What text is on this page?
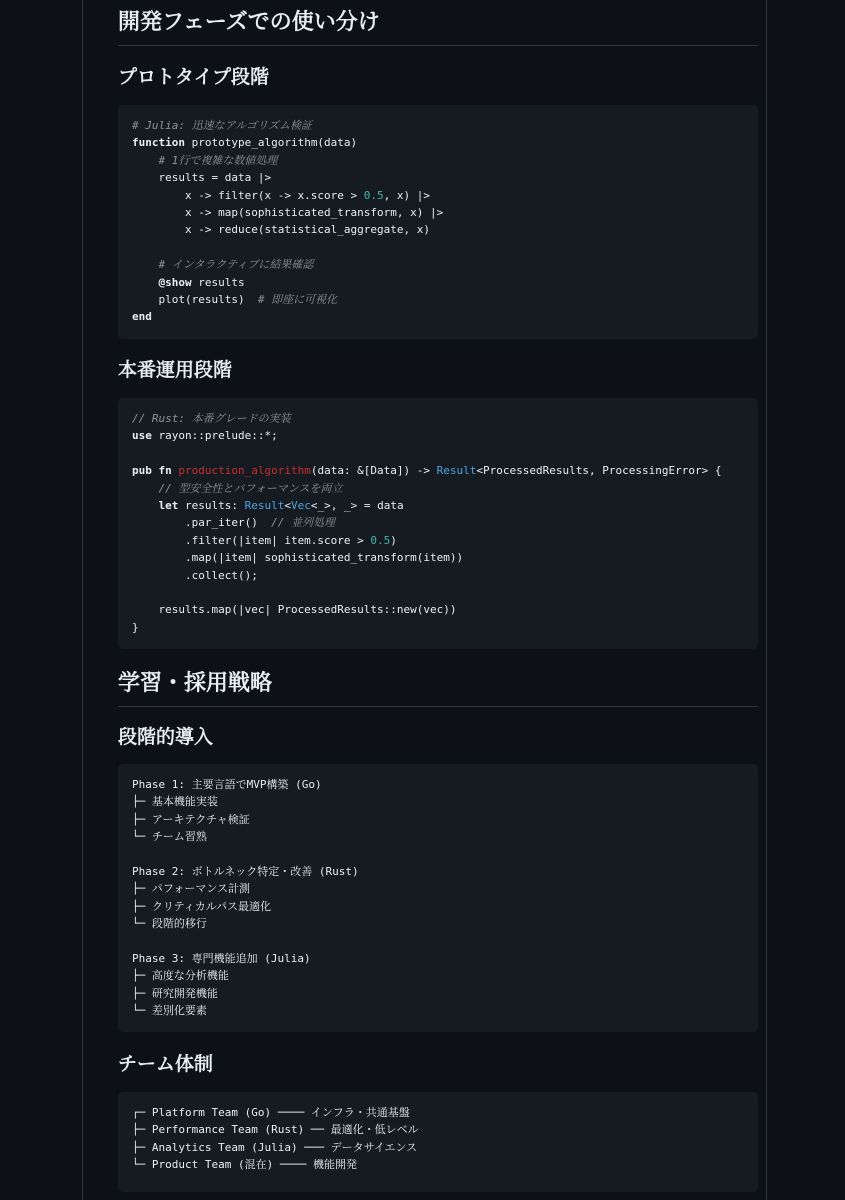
開発フェーズでの使い分け
プロトタイプ段階
# Julia: 迅速なアルゴリズム検証
function prototype_algorithm(data)
# 1行で複雑な数値処理
results = data |>
x -> filter(x -> x.score > 0.5, x) |>
x -> map(sophisticated_transform, x) |>
x -> reduce(statistical_aggregate, x)
# インタラクティブに結果確認
@show results
plot(results)  # 即座に可視化
end
本番運用段階
// Rust: 本番グレードの実装
use rayon::prelude::*;
pub fn production_algorithm(data: &[Data]) -> Result<ProcessedResults, ProcessingError> {
// 型安全性とパフォーマンスを両立
let results: Result<Vec<_>, _> = data
.par_iter()  // 並列処理
.filter(|item| item.score > 0.5)
.map(|item| sophisticated_transform(item))
.collect();
results.map(|vec| ProcessedResults::new(vec))
}
学習・採用戦略
段階的導入
Phase 1: 主要言語でMVP構築 (Go)
├─ 基本機能実装
├─ アーキテクチャ検証
└─ チーム習熟
Phase 2: ボトルネック特定・改善 (Rust)
├─ パフォーマンス計測
├─ クリティカルパス最適化
└─ 段階的移行
Phase 3: 専門機能追加 (Julia)
├─ 高度な分析機能
├─ 研究開発機能
└─ 差別化要素
チーム体制
┌─ Platform Team (Go) ──── インフラ・共通基盤
├─ Performance Team (Rust) ── 最適化・低レベル
├─ Analytics Team (Julia) ─── データサイエンス
└─ Product Team (混在) ──── 機能開発
